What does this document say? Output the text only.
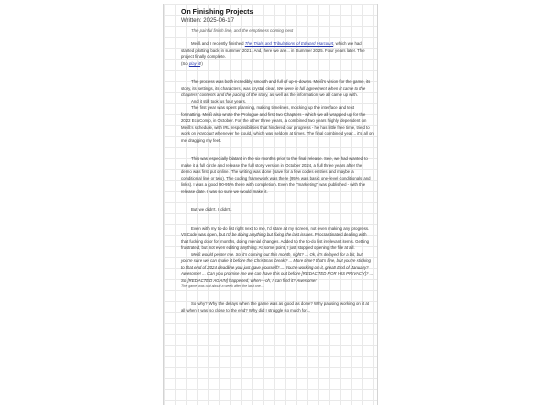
On Finishing Projects
Written: 2025-06-17
The painful finish line, and the emptiness coming next

Meiß and I recently finished The Trials and Tribulations of Edward Harcourt, which we had started plotting back in summer 2021. And, here we are... in Summer 2025. Four years later. The project finally complete.

(So play it!)

The process was both incredibly smooth and full of up-n-downs. Meiß's vision for the game, its story, its settings, its characters, was crystal clear. We were in full agreement when it came to the chapters' contents and the pacing of the story, as well as the information we all came up with.

And it still took us four years.

The first year was spent planning, making timelines, mocking up the interface and text formatting. Meiß also wrote the Prologue and first two Chapters - which we all wrapped up for the 2022 EcoComp, in October. For the other three years, a combined two years highly dependent on Meiß's schedule, with IRL responsibilities that hindered our progress - he has little free time, tried to work on Harcourt whenever he could, which was seldom at times. The final combined year... it's all on me dragging my feet.

This was especially blatant in the six months prior to the final release. See, we had wanted to make it a full circle and release the full story version in October 2024, a full three years after the demo was first put online. The writing was done (save for a few codes entries and maybe a conditional line or two). The coding framework was there (95% was basic one-level conditionals and links). I was a good 90-95% there with completion. Even the "marketing" was published - with the release date. I was so sure we would make it.

But we didn't. I didn't.

Even with my to-do list right next to me, I'd stare at my screen, not even making any progress. VSCode was open, but I'd be doing anything but fixing the last issues. Procrastinated dealing with that fucking door for months, doing menial changes. Added to the to-do list irrelevant items. Getting frustrated, but not even editing anything. At some point, I just stopped opening the file at all.

Meiß would pester me. So it's coming out this month, right? ... Ok, it's delayed for a bit, but you're sure we can make it before the Christmas break? ... More time? that's fine, but you're sticking to that end of 2024 deadline you just gave yourself? ... You're working on it, great! End of January? Awesome! ... Can you promise me we can have this out before [REDACTED FOR HIS PRIVACY]? ... So [REDACTED AGAIN] happened, when—oh, I can find it? Awesome!

The game was out about a week after the last one...

So why? Why the delays when the game was as good as done? Why pausing working on it at all when I was so close to the end? Why did I struggle so much for...
